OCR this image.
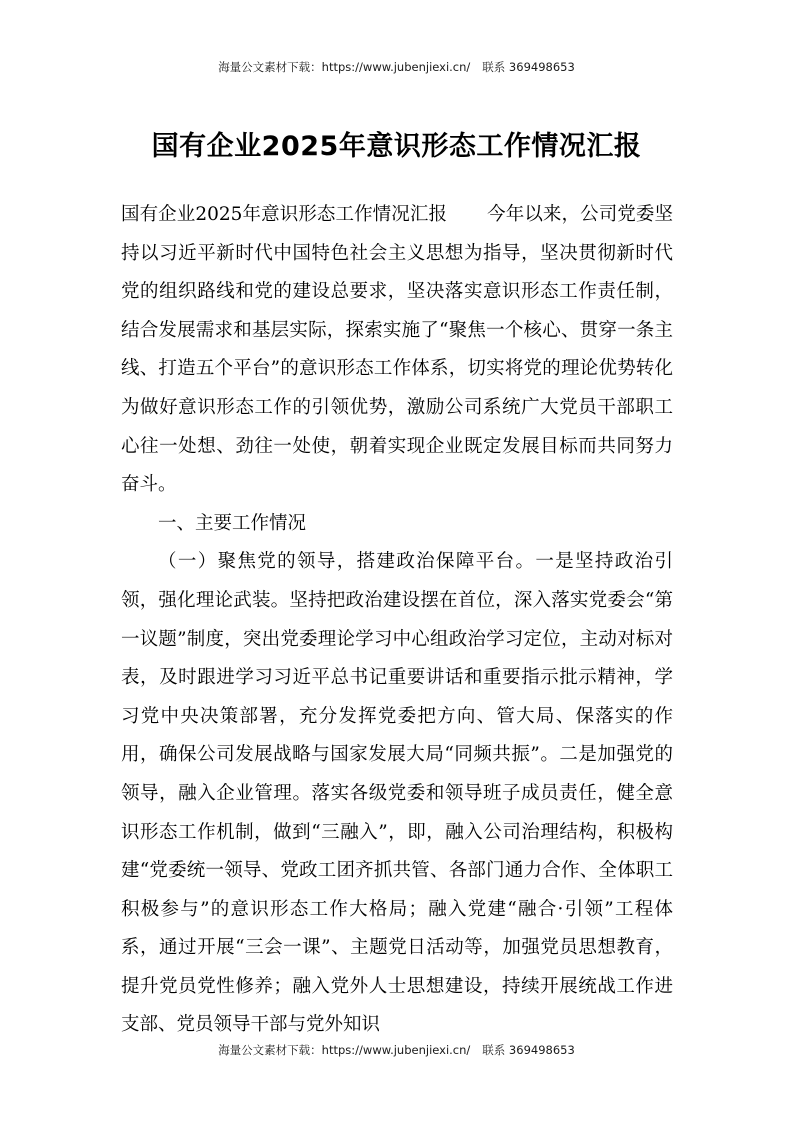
海量公文素材下载：https://www.jubenjiexi.cn/ 联系 369498653
国有企业2025年意识形态工作情况汇报

国有企业2025年意识形态工作情况汇报 今年以来，公司党委坚持以习近平新时代中国特色社会主义思想为指导，坚决贯彻新时代党的组织路线和党的建设总要求，坚决落实意识形态工作责任制，结合发展需求和基层实际，探索实施了“聚焦一个核心、贯穿一条主线、打造五个平台”的意识形态工作体系，切实将党的理论优势转化为做好意识形态工作的引领优势，激励公司系统广大党员干部职工心往一处想、劲往一处使，朝着实现企业既定发展目标而共同努力奋斗。

一、主要工作情况

（一）聚焦党的领导，搭建政治保障平台。一是坚持政治引领，强化理论武装。坚持把政治建设摆在首位，深入落实党委会“第一议题”制度，突出党委理论学习中心组政治学习定位，主动对标对表，及时跟进学习习近平总书记重要讲话和重要指示批示精神，学习党中央决策部署，充分发挥党委把方向、管大局、保落实的作用，确保公司发展战略与国家发展大局“同频共振”。二是加强党的领导，融入企业管理。落实各级党委和领导班子成员责任，健全意识形态工作机制，做到“三融入”，即，融入公司治理结构，积极构建“党委统一领导、党政工团齐抓共管、各部门通力合作、全体职工积极参与”的意识形态工作大格局；融入党建“融合·引领”工程体系，通过开展“三会一课”、主题党日活动等，加强党员思想教育，提升党员党性修养；融入党外人士思想建设，持续开展统战工作进支部、党员领导干部与党外知识

海量公文素材下载：https://www.jubenjiexi.cn/ 联系 369498653
